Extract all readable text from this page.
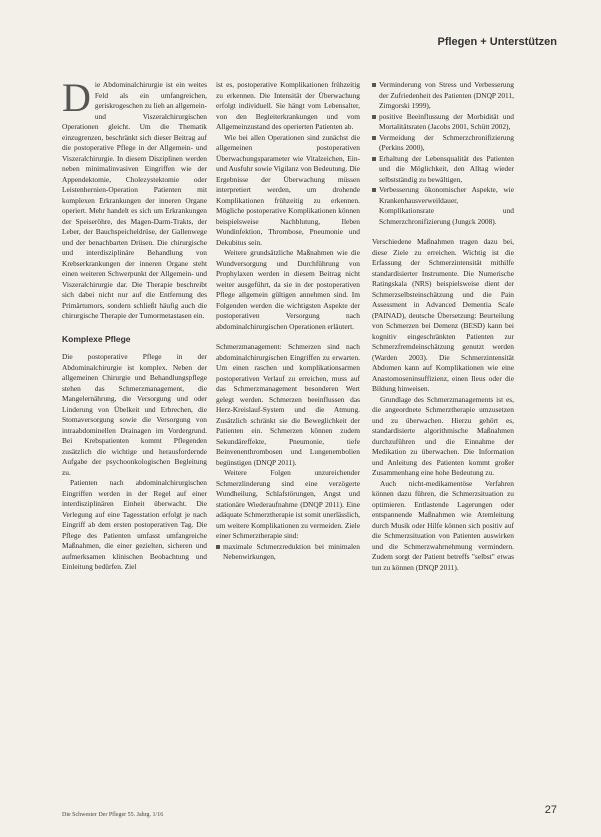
Pflegen + Unterstützen

Die Abdominalchirurgie ist ein weites Feld als ein umfangreichen, geriskrogeschen zu lieh an allgemein- und Viszeralchirurgischen Operationen gleicht. Um die Thematik einzugrenzen, beschränkt sich dieser Beitrag auf die postoperative Pflege in der Allgemein- und Viszeralchirurgie. In diesem Disziplinen werden neben minimalinvasiven Eingriffen wie der Appendektomie, Cholezystektomie oder Leistenhernien-Operation Patienten mit komplexen Erkrankungen der inneren Organe operiert. Mehr handelt es sich um Erkrankungen der Speiseröhre, des Magen-Darm-Trakts, der Leber, der Bauchspeicheldrüse, der Gallenwege und der benachbarten Drüsen. Die chirurgische und interdisziplinäre Behandlung von Krebserkrankungen der inneren Organe steht einen weiteren Schwerpunkt der Allgemein- und Viszeralchirurgie dar. Die Therapie beschreibt sich dabei nicht nur auf die Entfernung des Primärtumors, sondern schließt häufig auch die chirurgische Therapie der Tumormetastasen ein.

Komplexe Pflege

Die postoperative Pflege in der Abdominalchirurgie ist komplex. Neben der allgemeinen Chirurgie und Behandlungspflege stehen das Schmerzmanagement, die Mangelernährung, die Versorgung und oder Linderung von Übelkeit und Erbrechen, die Stomaversorgung sowie die Versorgung von intraabdominellen Drainagen im Vordergrund. Bei Krebspatienten kommt Pflegenden zusätzlich die wichtige und herausfordernde Aufgabe der psychoonkologischen Begleitung zu.

Patienten nach abdominalchirurgischen Eingriffen werden in der Regel auf einer interdisziplinären Einheit überwacht. Die Verlegung auf eine Tagesstation erfolgt je nach Eingriff ab dem ersten postoperativen Tag. Die Pflege des Patienten umfasst umfangreiche Maßnahmen, die einer gezielten, sicheren und aufmerksamen klinischen Beobachtung und Einleitung bedürfen. Ziel

ist es, postoperative Komplikationen frühzeitig zu erkennen. Die Intensität der Überwachung erfolgt individuell. Sie hängt vom Lebensalter, von den Begleiterkrankungen und vom Allgemeinzustand des operierten Patienten ab.

Wie bei allen Operationen sind zunächst die allgemeinen postoperativen Überwachungsparameter wie Vitalzeichen, Ein- und Ausfuhr sowie Vigilanz von Bedeutung. Die Ergebnisse der Überwachung müssen interpretiert werden, um drohende Komplikationen frühzeitig zu erkennen. Mögliche postoperative Komplikationen können beispielsweise Nachblutung, Ileben Wundinfektion, Thrombose, Pneumonie und Dekubitus sein.

Weitere grundsätzliche Maßnahmen wie die Wundversorgung und Durchführung von Prophylaxen werden in diesem Beitrag nicht weiter ausgeführt, da sie in der postoperativen Pflege allgemein gültigen annehmen sind. Im Folgenden werden die wichtigsten Aspekte der postoperativen Versorgung nach abdominalchirurgischen Operationen erläutert.

Schmerzmanagement: Schmerzen sind nach abdominalchirurgischen Eingriffen zu erwarten. Um einen raschen und komplikationsarmen postoperativen Verlauf zu erreichen, muss auf das Schmerzmanagement besonderen Wert gelegt werden. Schmerzen beeinflussen das Herz-Kreislauf-System und die Atmung. Zusätzlich schränkt sie die Beweglichkeit der Patienten ein. Schmerzen können zudem Sekundäreffekte, Pneumonie, tiefe Beinvenenthrombosen und Lungenembolien begünstigen (DNQP 2011).

Weitere Folgen unzureichender Schmerzlinderung sind eine verzögerte Wundheilung, Schlafstörungen, Angst und stationäre Wiederaufnahme (DNQP 2011). Eine adäquate Schmerztherapie ist somit unerlässlich, um weitere Komplikationen zu vermeiden. Ziele einer Schmerztherapie sind:

maximale Schmerzreduktion bei minimalen Nebenwirkungen,

Verminderung von Stress und Verbesserung der Zufriedenheit des Patienten (DNQP 2011, Zimgorski 1999),

positive Beeinflussung der Morbidität und Mortalitätsraten (Jacobs 2001, Schütt 2002),

Vermeidung der Schmerzchronifizierung (Perkins 2000),

Erhaltung der Lebensqualität des Patienten und die Möglichkeit, den Alltag wieder selbstständig zu bewältigen,

Verbesserung ökonomischer Aspekte, wie Krankenhausverweildauer, Komplikationsrate und Schmerzchronifizierung (Jungck 2008).

Verschiedene Maßnahmen tragen dazu bei, diese Ziele zu erreichen. Wichtig ist die Erfassung der Schmerzintensität mithilfe standardisierter Instrumente. Die Numerische Ratingskala (NRS) beispielsweise dient der Schmerzselbsteinschätzung und die Pain Assessment in Advanced Dementia Scale (PAINAD), deutsche Übersetzung: Beurteilung von Schmerzen bei Demenz (BESD) kann bei kognitiv eingeschränkten Patienten zur Schmerzfremdeinschätzung genutzt werden (Warden 2003). Die Schmerzintensität Abdomen kann auf Komplikationen wie eine Anastomoseninsuffizienz, einen Ileus oder die Bildung hinweisen.

Grundlage des Schmerzmanagements ist es, die angeordnete Schmerztherapie umzusetzen und zu überwachen. Hierzu gehört es, standardisierte algorithmische Maßnahmen durchzuführen und die Einnahme der Medikation zu überwachen. Die Information und Anleitung des Patienten kommt großer Zusammenhang eine hohe Bedeutung zu.

Auch nicht-medikamentöse Verfahren können dazu führen, die Schmerzsituation zu optimieren. Entlastende Lagerungen oder entspannende Maßnahmen wie Atemleitung durch Musik oder Hilfe können sich positiv auf die Schmerzsituation von Patienten auswirken und die Schmerzwahrnehmung vermindern. Zudem sorgt der Patient betreffs "selbst" etwas tun zu können (DNQP 2011).

Die Schwester Der Pfleger 55. Jahrg. 1/16	27
